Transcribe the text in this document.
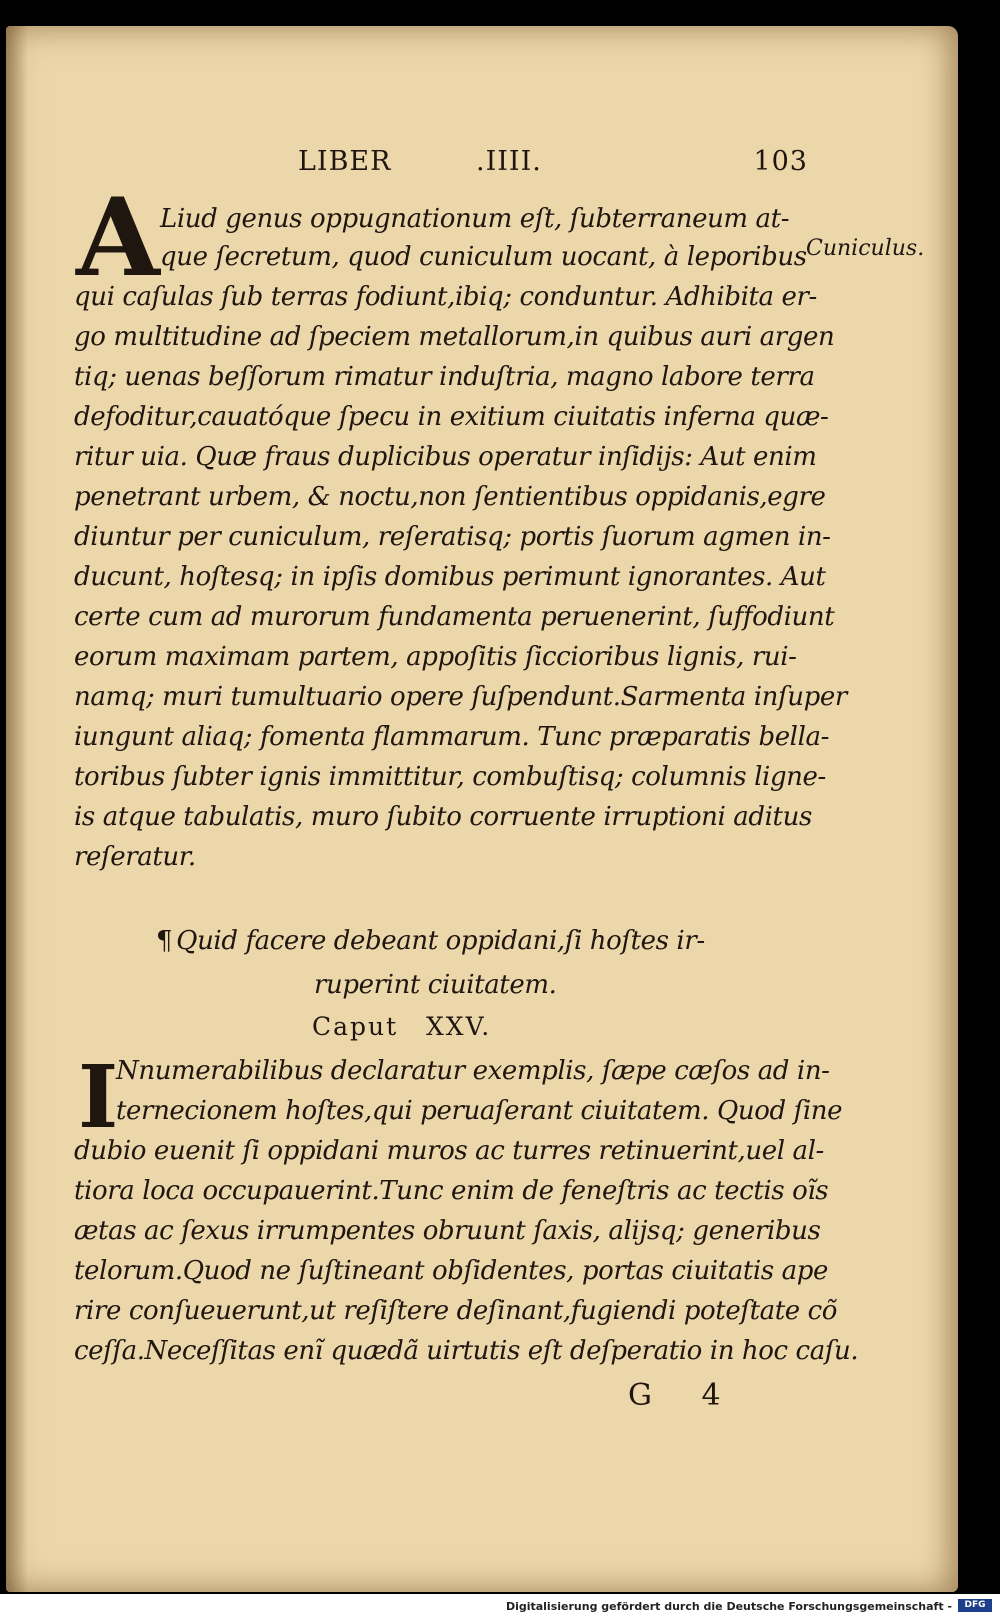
LIBER	.IIII.	103
Cuniculus.
A Liud genus oppugnationum eſt, ſubterraneum at-
que ſecretum, quod cuniculum uocant, à leporibus
qui caſulas ſub terras fodiunt,ibiq; conduntur. Adhibita er-
go multitudine ad ſpeciem metallorum,in quibus auri argen
tiq; uenas beſſorum rimatur induſtria, magno labore terra
defoditur,cauatóque ſpecu in exitium ciuitatis inferna quæ-
ritur uia. Quæ fraus duplicibus operatur inſidijs: Aut enim
penetrant urbem, & noctu,non ſentientibus oppidanis,egre
diuntur per cuniculum, reſeratisq; portis ſuorum agmen in-
ducunt, hoſtesq; in ipſis domibus perimunt ignorantes. Aut
certe cum ad murorum fundamenta peruenerint, ſuffodiunt
eorum maximam partem, appoſitis ſiccioribus lignis, rui-
namq; muri tumultuario opere ſuſpendunt.Sarmenta inſuper
iungunt aliaq; fomenta flammarum. Tunc præparatis bella-
toribus ſubter ignis immittitur, combuſtisq; columnis ligne-
is atque tabulatis, muro ſubito corruente irruptioni aditus
reſeratur.
¶ Quid facere debeant oppidani,ſi hoſtes ir-
ruperint ciuitatem.
Caput XXV.
I
Nnumerabilibus declaratur exemplis, ſæpe cæſos ad in-
ternecionem hoſtes,qui peruaſerant ciuitatem. Quod ſine
dubio euenit ſi oppidani muros ac turres retinuerint,uel al-
tiora loca occupauerint.Tunc enim de feneſtris ac tectis oĩs
ætas ac ſexus irrumpentes obruunt ſaxis, alijsq; generibus
telorum.Quod ne ſuſtineant obſidentes, portas ciuitatis ape
rire conſueuerunt,ut reſiſtere deſinant,fugiendi poteſtate cõ
ceſſa.Neceſſitas enĩ quædã uirtutis eſt deſperatio in hoc caſu.
G 4
Digitalisierung gefördert durch die Deutsche Forschungsgemeinschaft -	DFG
